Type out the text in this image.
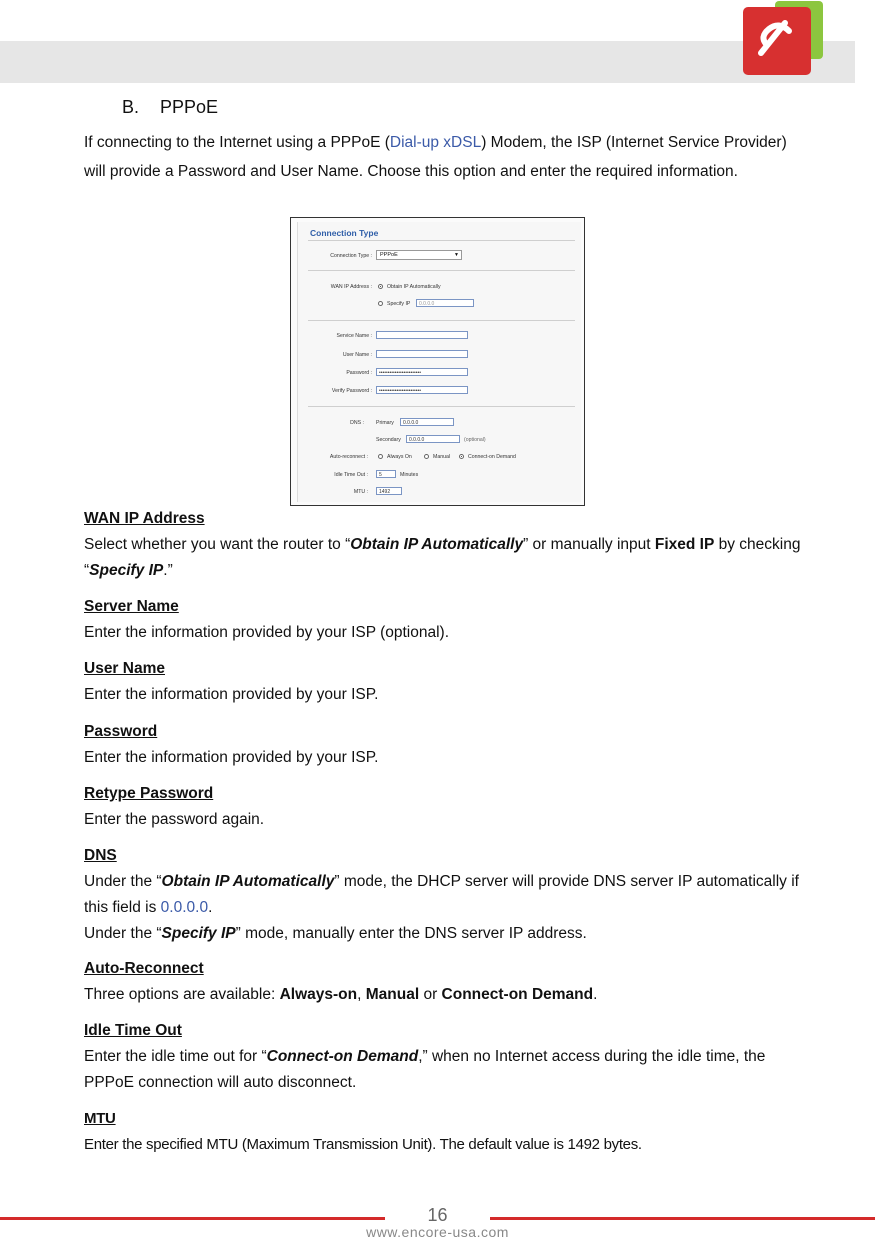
B. PPPoE
If connecting to the Internet using a PPPoE (Dial-up xDSL) Modem, the ISP (Internet Service Provider) will provide a Password and User Name. Choose this option and enter the required information.
Connection Type
Connection Type :	PPPoE	▼
WAN IP Address :	Obtain IP Automatically
Specify IP	0.0.0.0
Service Name :
User Name :
Password :	••••••••••••••••••••••••
Verify Password :	••••••••••••••••••••••••
DNS : Primary	0.0.0.0
Secondary	0.0.0.0	(optional)
Auto-reconnect :	Always On	Manual	Connect-on Demand
Idle Time Out :	5	Minutes
MTU :	1492
WAN IP Address
Select whether you want the router to “Obtain IP Automatically” or manually input Fixed IP by checking “Specify IP.”
Server Name
Enter the information provided by your ISP (optional).
User Name
Enter the information provided by your ISP.
Password
Enter the information provided by your ISP.
Retype Password
Enter the password again.
DNS
Under the “Obtain IP Automatically” mode, the DHCP server will provide DNS server IP automatically if this field is 0.0.0.0.
Under the “Specify IP” mode, manually enter the DNS server IP address.
Auto-Reconnect
Three options are available: Always-on, Manual or Connect-on Demand.
Idle Time Out
Enter the idle time out for “Connect-on Demand,” when no Internet access during the idle time, the PPPoE connection will auto disconnect.
MTU
Enter the specified MTU (Maximum Transmission Unit). The default value is 1492 bytes.
16
www.encore-usa.com
